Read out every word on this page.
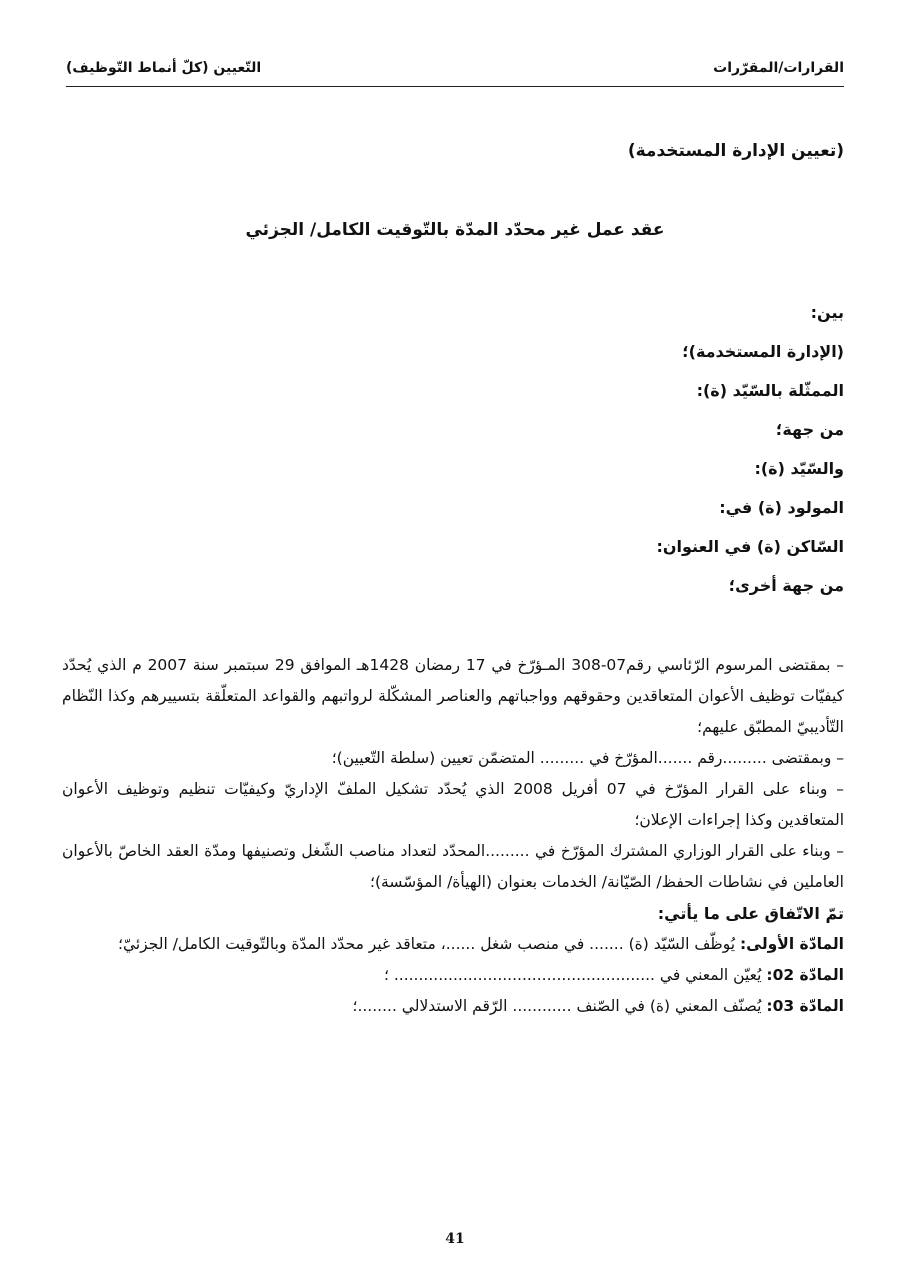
القرارات/المقرّرات
التّعيين (كلّ أنماط التّوظيف)
(تعيين الإدارة المستخدمة)
عقد عمل غير محدّد المدّة بالتّوقيت الكامل/ الجزئي
بين:
(الإدارة المستخدمة)؛
الممثّلة بالسّيّد (ة):
من جهة؛
والسّيّد (ة):
المولود (ة) في:
السّاكن (ة) في العنوان:
من جهة أخرى؛
– بمقتضى المرسوم الرّئاسي رقم07-308 المـؤرّخ في 17 رمضان 1428هـ الموافق 29 سبتمبر سنة 2007 م الذي يُحدّد كيفيّات توظيف الأعوان المتعاقدين وحقوقهم وواجباتهم والعناصر المشكّلة لرواتبهم والقواعد المتعلّقة بتسييرهم وكذا النّظام التّأديبيّ المطبّق عليهم؛
– وبمقتضى .........رقم .......المؤرّخ في ......... المتضمّن تعيين (سلطة التّعيين)؛
– وبناء على القرار المؤرّخ في 07 أفريل 2008 الذي يُحدّد تشكيل الملفّ الإداريّ وكيفيّات تنظيم وتوظيف الأعوان المتعاقدين وكذا إجراءات الإعلان؛
– وبناء على القرار الوزاري المشترك المؤرّخ في .........المحدّد لتعداد مناصب الشّغل وتصنيفها ومدّة العقد الخاصّ بالأعوان العاملين في نشاطات الحفظ/ الصّيّانة/ الخدمات بعنوان (الهيأة/ المؤسّسة)؛
تمّ الاتّفاق على ما يأتي:
المادّة الأولى: يُوظّف السّيّد (ة) ....... في منصب شغل ......، متعاقد غير محدّد المدّة وبالتّوقيت الكامل/ الجزئيّ؛
المادّة 02: يُعيّن المعني في ..................................................... ؛
المادّة 03: يُصنّف المعني (ة) في الصّنف ............ الرّقم الاستدلالي ........؛
41
